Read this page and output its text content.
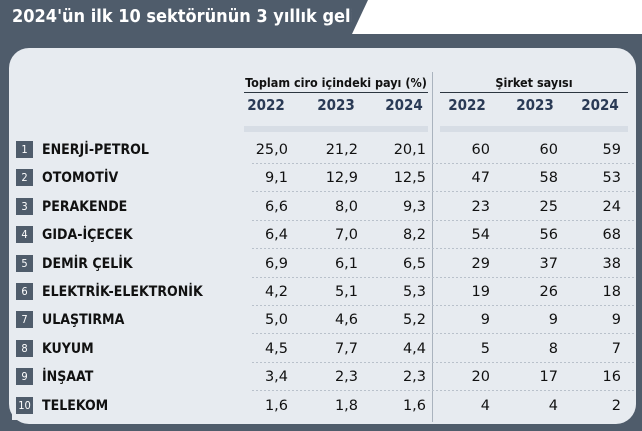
2024'ün ilk 10 sektörünün 3 yıllık gelişimi nasıl?
Toplam ciro içindeki payı (%)
2022	2023	2024
Şirket sayısı
2022	2023	2024
1	ENERJİ-PETROL	25,0	21,2	20,1	60	60	59
2	OTOMOTİV	9,1	12,9	12,5	47	58	53
3	PERAKENDE	6,6	8,0	9,3	23	25	24
4	GIDA-İÇECEK	6,4	7,0	8,2	54	56	68
5	DEMİR ÇELİK	6,9	6,1	6,5	29	37	38
6	ELEKTRİK-ELEKTRONİK	4,2	5,1	5,3	19	26	18
7	ULAŞTIRMA	5,0	4,6	5,2	9	9	9
8	KUYUM	4,5	7,7	4,4	5	8	7
9	İNŞAAT	3,4	2,3	2,3	20	17	16
10 TELEKOM	1,6	1,8	1,6	4	4	2
